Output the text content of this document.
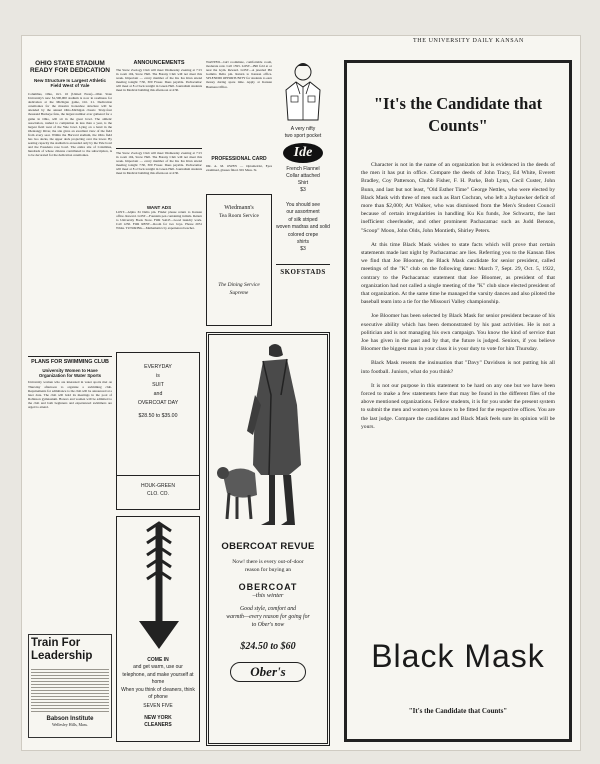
THE UNIVERSITY DAILY KANSAN
OHIO STATE STADIUM READY FOR DEDICATION
New Structure Is Largest Athletic Field West of Yale
Columbus, Ohio, Oct. 16 (United Press)—Ohio State University's new $1,500,000 stadium is now in readiness for dedication at the Michigan game, Oct. 21. Dedication ceremonies for the massive horseshoe structure will be attended by the annual Ohio-Michigan classic. Sixty-four thousand Buckeye fans, the largest number ever gathered for a game in Ohio, will sit in the great bowl. The athletic association, rushed to completion in less than a year, is the largest field west of the Yale bowl. Lying on a bend in the Olentangy River, the site gives an excellent view of the field from every seat. Within the Harvard stadium, the Ohio field has two decks, the upper deck projecting over the lower. By seating capacity the stadium is exceeded only by the Yale bowl and the Pasadena rose bowl. The entire site of Columbus, hundreds of whose citizens contributed to the subscription, is to be decorated for the dedication ceremonies.
PLANS FOR SWIMMING CLUB
University Women to Have Organization for Water Sports
University women who are interested in water sports met on Thursday afternoon to organize a swimming club. Requirements for admittance to the club will be announced at a later date. The club will hold its meetings in the pool of Robinson gymnasium. Honors and women will be admitted to the club and both beginners and experienced swimmers are urged to attend.
Train For Leadership
Babson Institute
Wellesley Hills, Mass.
ANNOUNCEMENTS
The Snow Zoology Club will meet Wednesday evening at 7:15 in room 104, Snow Hall. The Botany Club will not meet this week. Important — every member of the Ku Ku Klan attend meeting tonight 7:30, 300 Fraser. Dues payable. Pachacamac will meet at 8 o'clock tonight in Green Hall. Journalism students meet in Medical building this afternoon at 4:30.
The Snow Zoology Club will meet Wednesday evening at 7:15 in room 104, Snow Hall. The Botany Club will not meet this week. Important — every member of the Ku Ku Klan attend meeting tonight 7:30, 300 Fraser. Dues payable. Pachacamac will meet at 8 o'clock tonight in Green Hall. Journalism students meet in Medical building this afternoon at 4:30.
WANT ADS
LOST—Alpha Xi Delta pin. Finder please return to Kansan office. Reward. LOST—Fountain pen containing initials. Return to University Book Store. FOR SALE—Good laundry work. Call 1230. FOR RENT—Room for two boys. Phone 2031 White. TUTORING—Mathematics by experienced teacher.
EVERYDAY
is
SUIT
and
OVERCOAT DAY
$28.50 to $35.00
HOUK-GREEN
CLO. CO.
COME IN
and get warm, use our telephone, and make yourself at home
When you think of cleaners, think of phone
SEVEN FIVE
NEW YORK
CLEANERS
WANTED—Girl roommate, comfortable room, moderate rent. Call 1593. LOST—Bill fold at or near the Gym. Reward. LOST—A jeweled Phi Gamma Delta pin. Return to Kansan office. SPLENDID OPPORTUNITY for students to earn money during spare time. Apply at Kansan Business Office.
PROFESSIONAL CARD
DR. A. M. OWEN — Optometrist, Eyes examined, glasses fitted. 901 Mass. St.
Wiedmann's
Tea Room Service
The Dining Service
Supreme
A very nifty
two sport pocket
Ide
French Flannel
Collar attached
Shirt
$3
You should see
our assortment
of silk striped
woven madras and solid
colored crepe
shirts
$3
SKOFSTADS
OBERCOAT REVUE
Now! there is every out-of-door
reason for buying an
OBERCOAT
–this winter
Good style, comfort and
warmth—every reason for going for
to Ober's now
$24.50 to $60
Ober's
"It's the Candidate that Counts"

Character is not in the name of an organization but is evidenced in the deeds of the men it has put in office. Compare the deeds of John Tracy, Ed White, Everett Bradley, Coy Patterson, Chubb Fisher, F. H. Parke, Bob Lynn, Cecil Custer, John Bunn, and last but not least, "Old Esther Time" George Nettles, who were elected by Black Mask with three of men such as Bart Cochran, who left a Jayhawker deficit of more than $2,000; Art Walker, who was dismissed from the Men's Student Council because of certain irregularities in handling Ku Ku funds, Joe Schwartz, the last inefficient cheerleader, and other prominent Pachacamac such as Judd Benson, "Scoop" Moon, John Olds, John Montieth, Shirley Peters.

At this time Black Mask wishes to state facts which will prove that certain statements made last night by Pachacamac are lies. Referring you to the Kansan files we find that Joe Bloomer, the Black Mask candidate for senior president, called meetings of the "K" club on the following dates: March 7, Sept. 29, Oct. 5, 1922, contrary to the Pachacamac statement that Joe Bloomer, as president of that organization had not called a single meeting of the "K" club since elected president of that organization. At the same time he managed the varsity dances and also piloted the baseball team into a tie for the Missouri Valley championship.

Joe Bloomer has been selected by Black Mask for senior president because of his executive ability which has been demonstrated by his past activities. He is not a politician and is not managing his own campaign. You know the kind of service that Joe has given in the past and by that, the future is judged. Seniors, if you believe Bloomer the biggest man in your class it is your duty to vote for him Thursday.

Black Mask resents the insinuation that "Davy" Davidson is not putting his all into football. Juniors, what do you think?

It is not our purpose in this statement to be hard on any one but we have been forced to make a few statements here that may be found in the different files of the above mentioned organizations. Fellow students, it is for you under the present system to submit the men and women you know to be fitted for the respective offices. You are the last judge. Compare the candidates and Black Mask feels sure its opinion will be yours.

Black Mask
"It's the Candidate that Counts"
